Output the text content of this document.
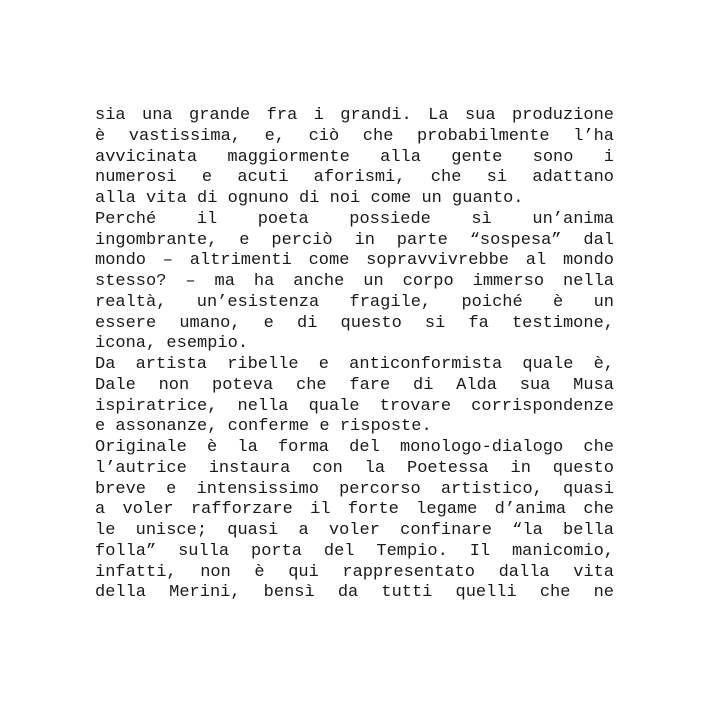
sia una grande fra i grandi. La sua produzione
è vastissima, e, ciò che probabilmente l’ha
avvicinata maggiormente alla gente sono i
numerosi e acuti aforismi, che si adattano
alla vita di ognuno di noi come un guanto.
Perché il poeta possiede sì un’anima
ingombrante, e perciò in parte “sospesa” dal
mondo – altrimenti come sopravvivrebbe al mondo
stesso? – ma ha anche un corpo immerso nella
realtà, un’esistenza fragile, poiché è un
essere umano, e di questo si fa testimone,
icona, esempio.
Da artista ribelle e anticonformista quale è,
Dale non poteva che fare di Alda sua Musa
ispiratrice, nella quale trovare corrispondenze
e assonanze, conferme e risposte.
Originale è la forma del monologo-dialogo che
l’autrice instaura con la Poetessa in questo
breve e intensissimo percorso artistico, quasi
a voler rafforzare il forte legame d’anima che
le unisce; quasi a voler confinare “la bella
folla” sulla porta del Tempio. Il manicomio,
infatti, non è qui rappresentato dalla vita
della Merini, bensì da tutti quelli che ne
